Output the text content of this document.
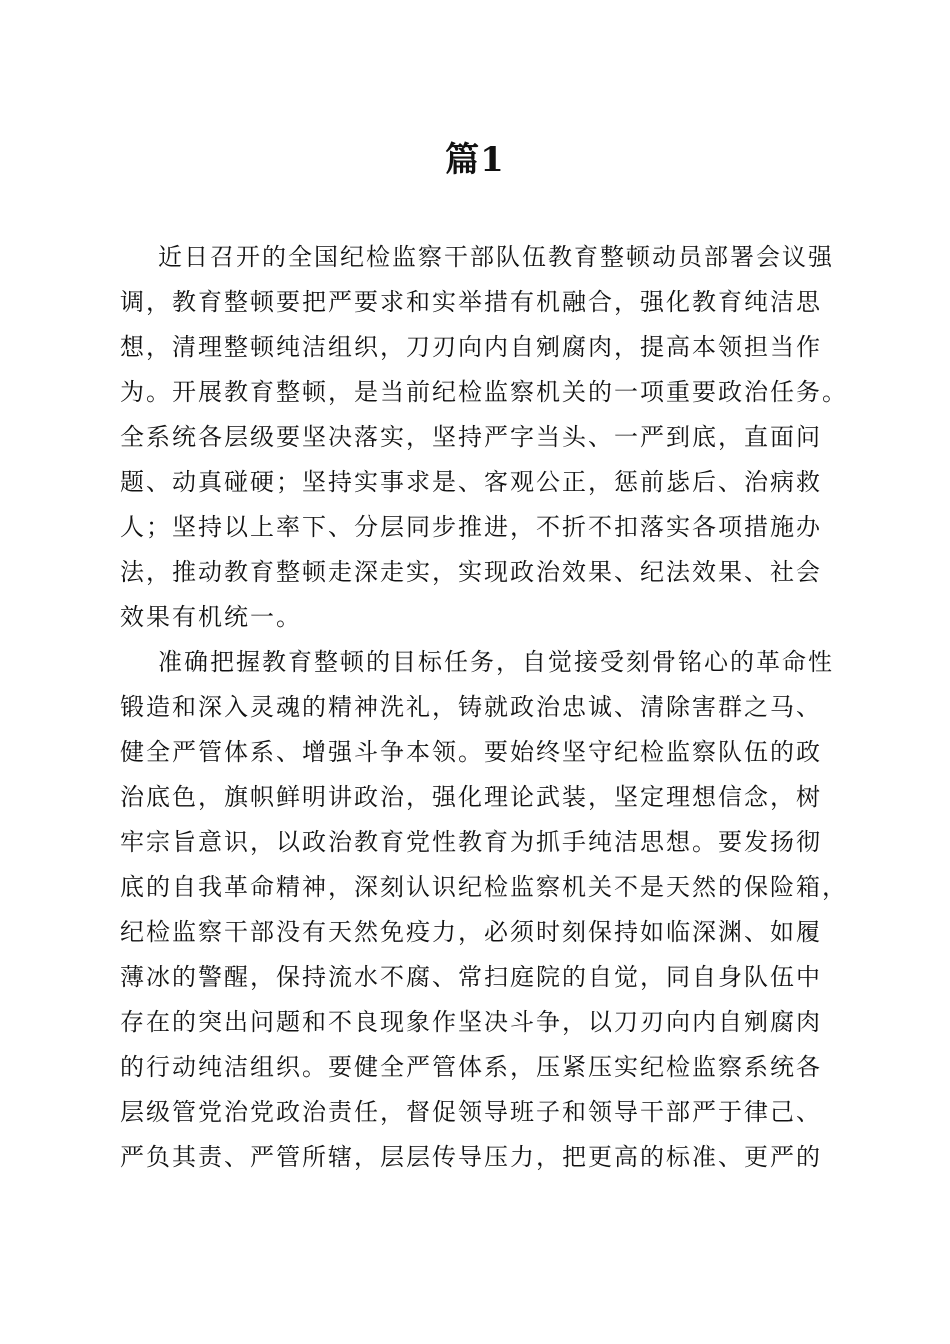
篇1
近日召开的全国纪检监察干部队伍教育整顿动员部署会议强
调，教育整顿要把严要求和实举措有机融合，强化教育纯洁思
想，清理整顿纯洁组织，刀刃向内自剜腐肉，提高本领担当作
为。开展教育整顿，是当前纪检监察机关的一项重要政治任务。
全系统各层级要坚决落实，坚持严字当头、一严到底，直面问
题、动真碰硬；坚持实事求是、客观公正，惩前毖后、治病救
人；坚持以上率下、分层同步推进，不折不扣落实各项措施办
法，推动教育整顿走深走实，实现政治效果、纪法效果、社会
效果有机统一。
准确把握教育整顿的目标任务，自觉接受刻骨铭心的革命性
锻造和深入灵魂的精神洗礼，铸就政治忠诚、清除害群之马、
健全严管体系、增强斗争本领。要始终坚守纪检监察队伍的政
治底色，旗帜鲜明讲政治，强化理论武装，坚定理想信念，树
牢宗旨意识，以政治教育党性教育为抓手纯洁思想。要发扬彻
底的自我革命精神，深刻认识纪检监察机关不是天然的保险箱，
纪检监察干部没有天然免疫力，必须时刻保持如临深渊、如履
薄冰的警醒，保持流水不腐、常扫庭院的自觉，同自身队伍中
存在的突出问题和不良现象作坚决斗争，以刀刃向内自剜腐肉
的行动纯洁组织。要健全严管体系，压紧压实纪检监察系统各
层级管党治党政治责任，督促领导班子和领导干部严于律己、
严负其责、严管所辖，层层传导压力，把更高的标准、更严的
